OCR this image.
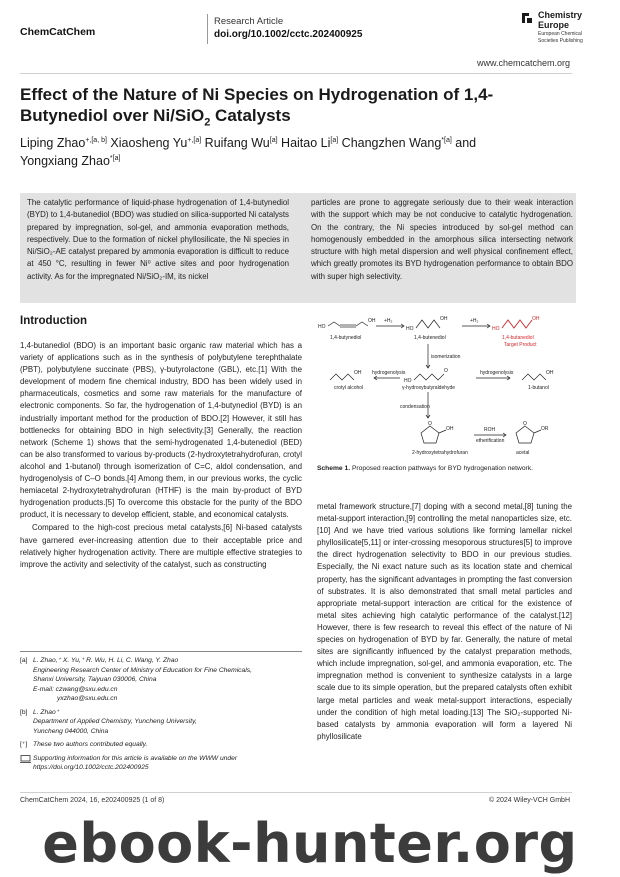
ChemCatChem
Research Article
doi.org/10.1002/cctc.202400925
Chemistry
Europe
European Chemical
Societies Publishing
www.chemcatchem.org
Effect of the Nature of Ni Species on Hydrogenation of 1,4-
Butynediol over Ni/SiO$_2$ Catalysts
Liping Zhao$^{+,[a, b]}$ Xiaosheng $Yu^{+,[a]}$ Ruifang Wu[a] Haitao Li[a] Changzhen Wang$^{*[a]}$ and
Yongxiang Zhao$^{*[a]}$
The catalytic performance of liquid-phase hydrogenation of 1,4-butynediol (BYD) to 1,4-butanediol (BDO) was studied on silica-supported Ni catalysts prepared by impregnation, sol-gel, and ammonia evaporation methods, respectively. Due to the formation of nickel phyllosilicate, the Ni species in Ni/SiO₂-AE catalyst prepared by ammonia evaporation is difficult to reduce at 450 °C, resulting in fewer Ni⁰ active sites and poor hydrogenation activity. As for the impregnated Ni/SiO₂-IM, its nickel
particles are prone to aggregate seriously due to their weak interaction with the support which may be not conducive to catalytic hydrogenation. On the contrary, the Ni species introduced by sol-gel method can homogenously embedded in the amorphous silica intersecting network structure with high metal dispersion and well physical confinement effect, which greatly promotes its BYD hydrogenation performance to obtain BDO with super high selectivity.
Introduction

1,4-butanediol (BDO) is an important basic organic raw material which has a variety of applications such as in the synthesis of polybutylene terephthalate (PBT), polybutylene succinate (PBS), γ-butyrolactone (GBL), etc.[1] With the development of modern fine chemical industry, BDO has been widely used in pharmaceuticals, cosmetics and some raw materials for the manufacture of electronic components. So far, the hydrogenation of 1,4-butynediol (BYD) is an industrially important method for the production of BDO.[2] However, it still has bottlenecks for obtaining BDO in high selectivity.[3] Generally, the reaction network (Scheme 1) shows that the semi-hydrogenated 1,4-butenediol (BED) can be also transformed to various by-products (2-hydroxytetrahydrofuran, crotyl alcohol and 1-butanol) through isomerization of C=C, aldol condensation, and hydrogenolysis of C–O bonds.[4] Among them, in our previous works, the cyclic hemiacetal 2-hydroxytetrahydrofuran (HTHF) is the main by-product of BYD hydrogenation products.[5] To overcome this obstacle for the purity of the BDO product, it is necessary to develop efficient, stable, and economical catalysts.

Compared to the high-cost precious metal catalysts,[6] Ni-based catalysts have garnered ever-increasing attention due to their acceptable price and relatively higher hydrogenation activity. There are multiple effective strategies to improve the activity and selectivity of the catalyst, such as constructing

metal framework structure,[7] doping with a second metal,[8] tuning the metal-support interaction,[9] controlling the metal nanoparticles size, etc.[10] And we have tried various solutions like forming lamellar nickel phyllosilicate[5,11] or inter-crossing mesoporous structures[5] to improve the direct hydrogenation selectivity to BDO in our previous studies. Especially, the Ni exact nature such as its location state and chemical property, has the significant advantages in prompting the fast conversion of substrates. It is also demonstrated that small metal particles and appropriate metal-support interaction are critical for the existence of metal sites achieving high catalytic performance of the catalyst.[12] However, there is few research to reveal this effect of the nature of Ni species on hydrogenation of BYD by far. Generally, the nature of metal sites are significantly influenced by the catalyst preparation methods, which include impregnation, sol-gel, and ammonia evaporation, etc. The impregnation method is convenient to synthesize catalysts in a large scale due to its simple operation, but the prepared catalysts often exhibit large metal particles and weak metal-support interactions, especially under the condition of high metal loading.[13] The SiO₂-supported Ni-based catalysts by ammonia evaporation will form a layered Ni phyllosilicate

HO
OH
1,4-butynediol
+H₂
HO
OH
1,4-butenediol
+H₂
isomerization
OH
crotyl alcohol
hydrogenolysis
HO
O
γ-hydroxybutyraldehyde
hydrogenolysis	OH
1-butanol
condensation
O
OH
2-hydroxytetrahydrofuran
ROH
etherification
O
OR
acetal
HO
OH
1,4-butanediol
Target Product
Scheme 1. Proposed reaction pathways for BYD hydrogenation network.
[a] L. Zhao,⁺ X. Yu,⁺ R. Wu, H. Li, C. Wang, Y. Zhao
Engineering Research Center of Ministry of Education for Fine Chemicals,
Shanxi University, Taiyuan 030006, China
E-mail: czwang@sxu.edu.cn
yxzhao@sxu.edu.cn
[b] L. Zhao⁺
Department of Applied Chemistry, Yuncheng University,
Yuncheng 044000, China
[⁺] These two authors contributed equally.
Supporting information for this article is available on the WWW under https://doi.org/10.1002/cctc.202400925
ChemCatChem 2024, 16, e202400925 (1 of 8)	© 2024 Wiley-VCH GmbH
ebook-hunter.org
